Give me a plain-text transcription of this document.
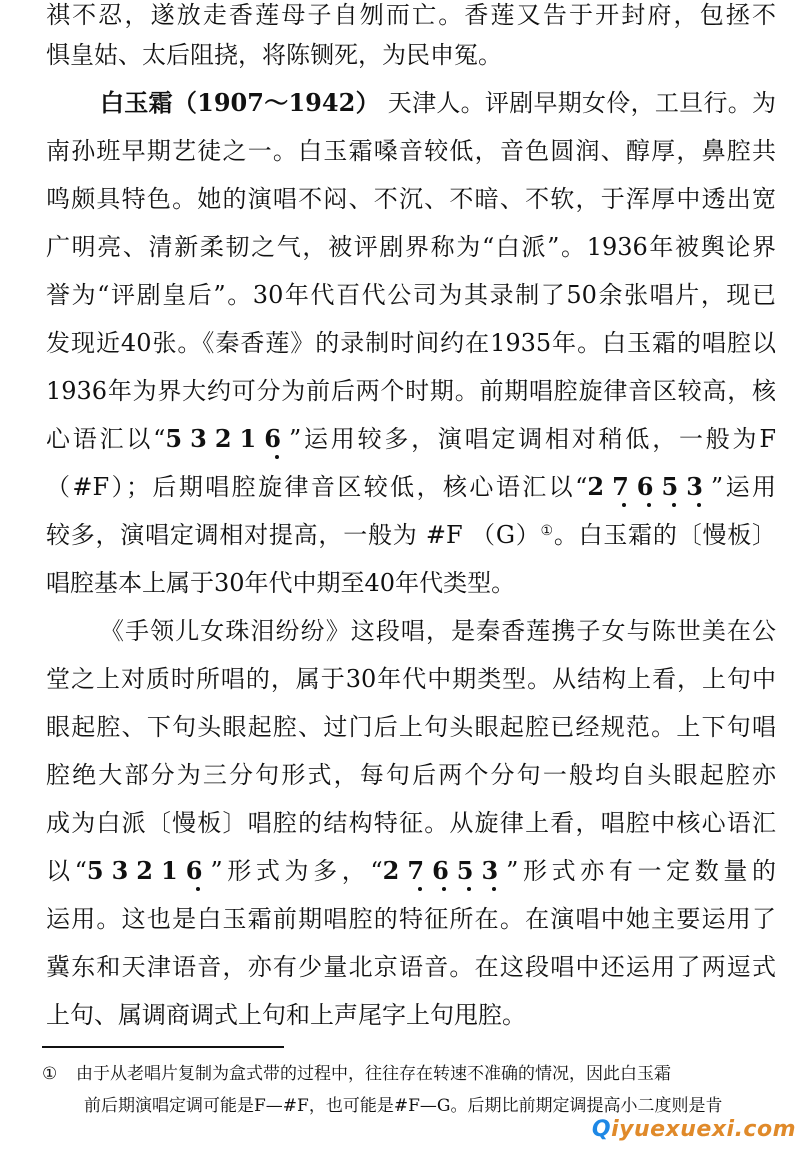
祺不忍，遂放走香莲母子自刎而亡。香莲又告于开封府，包拯不
惧皇姑、太后阻挠，将陈铡死，为民申冤。
白玉霜（1907～1942） 天津人。评剧早期女伶，工旦行。为
南孙班早期艺徒之一。白玉霜嗓音较低，音色圆润、醇厚，鼻腔共
鸣颇具特色。她的演唱不闷、不沉、不暗、不软，于浑厚中透出宽
广明亮、清新柔韧之气，被评剧界称为“白派”。1936年被舆论界
誉为“评剧皇后”。30年代百代公司为其录制了50余张唱片，现已
发现近40张。《秦香莲》的录制时间约在1935年。白玉霜的唱腔以
1936年为界大约可分为前后两个时期。前期唱腔旋律音区较高，核
心语汇以“53216”运用较多，演唱定调相对稍低，一般为F
（#F）；后期唱腔旋律音区较低，核心语汇以“27653”运用
较多，演唱定调相对提高，一般为 #F （G）①。白玉霜的〔慢板〕
唱腔基本上属于30年代中期至40年代类型。
《手领儿女珠泪纷纷》这段唱，是秦香莲携子女与陈世美在公
堂之上对质时所唱的，属于30年代中期类型。从结构上看，上句中
眼起腔、下句头眼起腔、过门后上句头眼起腔已经规范。上下句唱
腔绝大部分为三分句形式，每句后两个分句一般均自头眼起腔亦
成为白派〔慢板〕唱腔的结构特征。从旋律上看，唱腔中核心语汇
以“53216”形式为多，“27653”形式亦有一定数量的
运用。这也是白玉霜前期唱腔的特征所在。在演唱中她主要运用了
冀东和天津语音，亦有少量北京语音。在这段唱中还运用了两逗式
① 由于从老唱片复制为盒式带的过程中，往往存在转速不准确的情况，因此白玉霜
前后期演唱定调可能是F—#F，也可能是#F—G。后期比前期定调提高小二度则是肯
Qiyuexuexi.com
上句、属调商调式上句和上声尾字上句甩腔。
